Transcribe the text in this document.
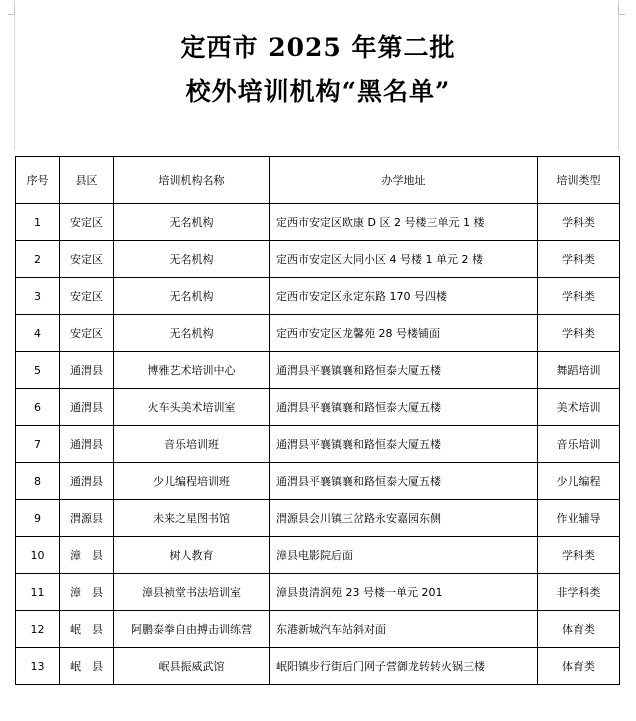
定西市 2025 年第二批
校外培训机构“黑名单”
序号	县区	培训机构名称	办学地址	培训类型
1	安定区	无名机构	定西市安定区欧康 D 区 2 号楼三单元 1 楼	学科类
2	安定区	无名机构	定西市安定区大同小区 4 号楼 1 单元 2 楼	学科类
3	安定区	无名机构	定西市安定区永定东路 170 号四楼	学科类
4	安定区	无名机构	定西市安定区龙馨苑 28 号楼铺面	学科类
5	通渭县	博雅艺术培训中心	通渭县平襄镇襄和路恒泰大厦五楼	舞蹈培训
6	通渭县	火车头美术培训室	通渭县平襄镇襄和路恒泰大厦五楼	美术培训
7	通渭县	音乐培训班	通渭县平襄镇襄和路恒泰大厦五楼	音乐培训
8	通渭县	少儿编程培训班	通渭县平襄镇襄和路恒泰大厦五楼	少儿编程
9	渭源县	未来之星图书馆	渭源县会川镇三岔路永安嘉园东侧	作业辅导
10	漳　县	树人教育	漳县电影院后面	学科类
11	漳　县	漳县祯堂书法培训室	漳县贵清润苑 23 号楼一单元 201	非学科类
12	岷　县	阿鹏泰拳自由搏击训练营	东港新城汽车站斜对面	体育类
13	岷　县	岷县振威武馆	岷阳镇步行街后门网子营御龙转转火锅三楼	体育类
